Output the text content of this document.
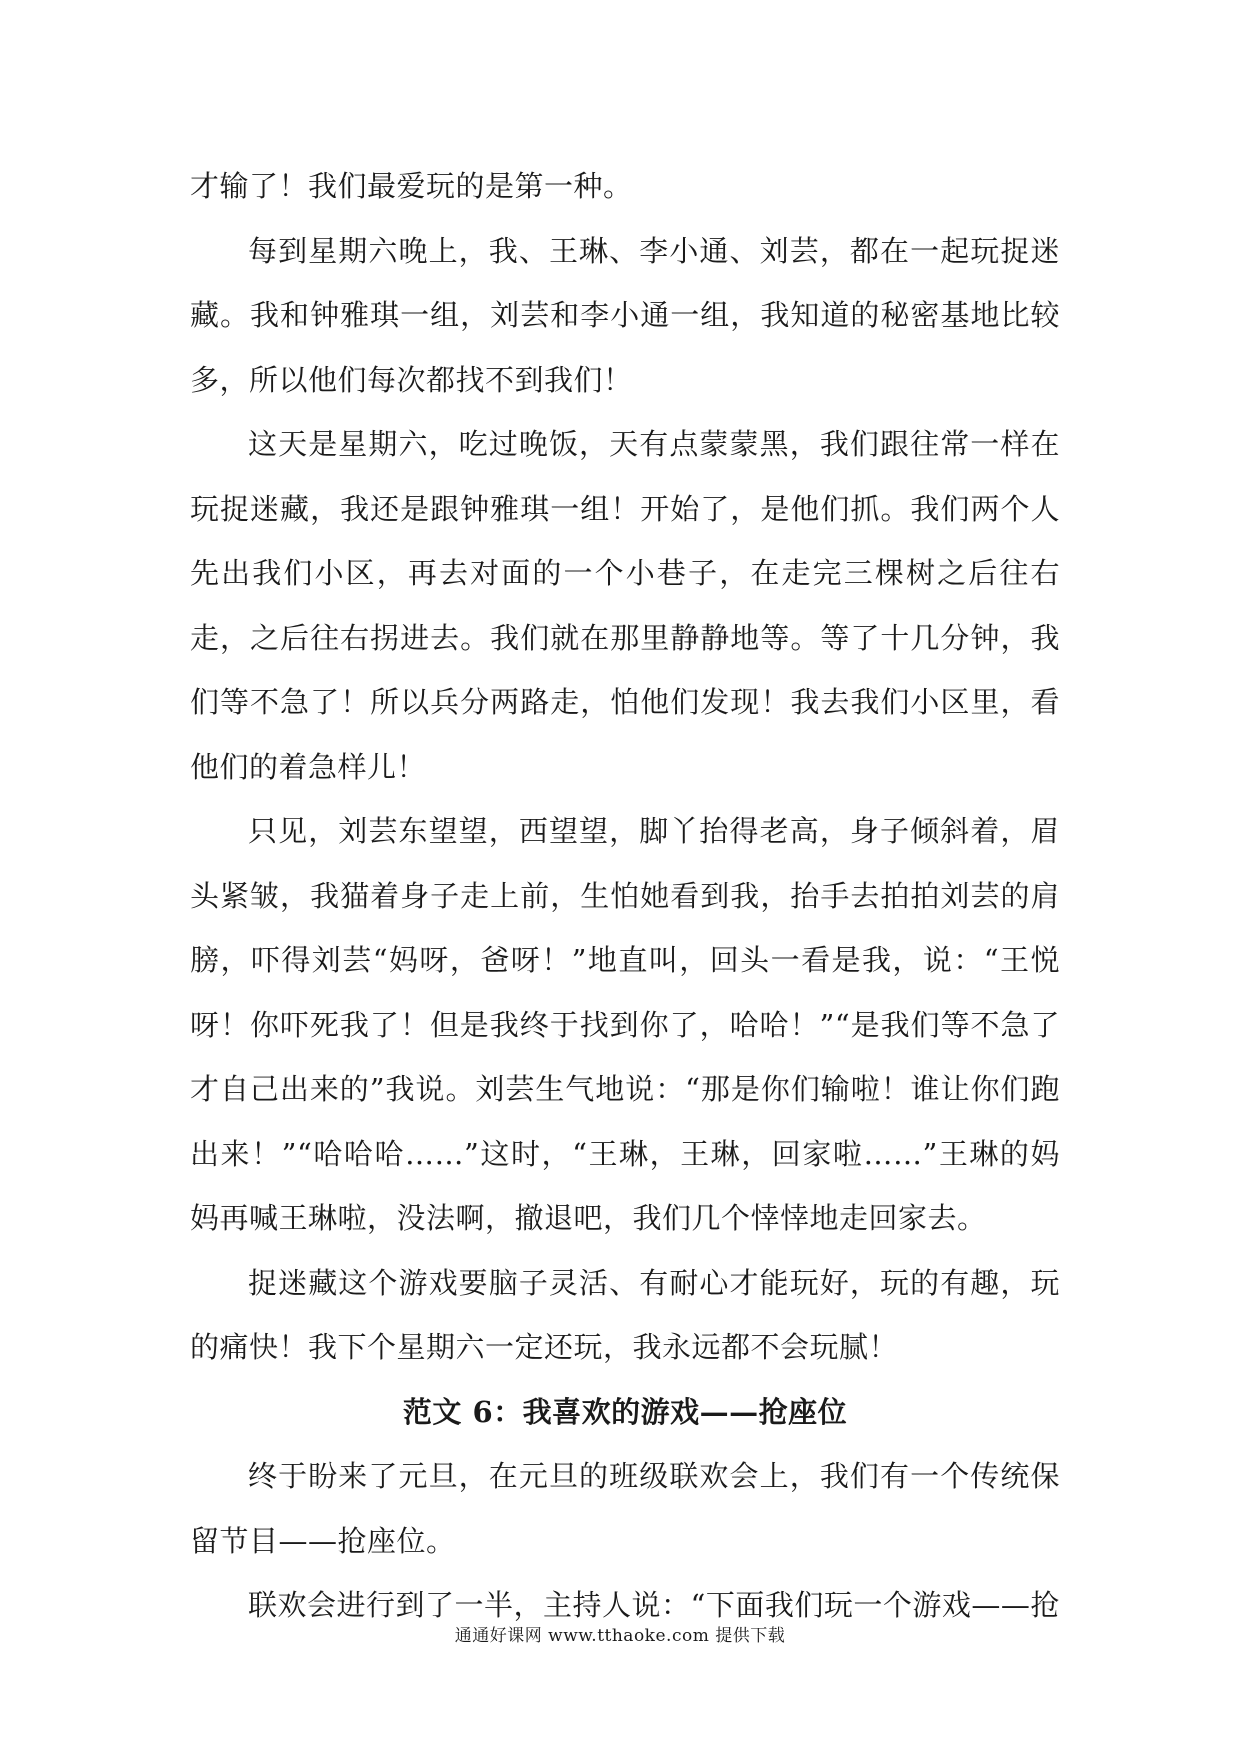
才输了！我们最爱玩的是第一种。

每到星期六晚上，我、王琳、李小通、刘芸，都在一起玩捉迷藏。我和钟雅琪一组，刘芸和李小通一组，我知道的秘密基地比较多，所以他们每次都找不到我们！

这天是星期六，吃过晚饭，天有点蒙蒙黑，我们跟往常一样在玩捉迷藏，我还是跟钟雅琪一组！开始了，是他们抓。我们两个人先出我们小区，再去对面的一个小巷子，在走完三棵树之后往右走，之后往右拐进去。我们就在那里静静地等。等了十几分钟，我们等不急了！所以兵分两路走，怕他们发现！我去我们小区里，看他们的着急样儿！

只见，刘芸东望望，西望望，脚丫抬得老高，身子倾斜着，眉头紧皱，我猫着身子走上前，生怕她看到我，抬手去拍拍刘芸的肩膀，吓得刘芸“妈呀，爸呀！”地直叫，回头一看是我，说：“王悦呀！你吓死我了！但是我终于找到你了，哈哈！”“是我们等不急了才自己出来的”我说。刘芸生气地说：“那是你们输啦！谁让你们跑出来！”“哈哈哈……”这时，“王琳，王琳，回家啦……”王琳的妈妈再喊王琳啦，没法啊，撤退吧，我们几个悻悻地走回家去。

捉迷藏这个游戏要脑子灵活、有耐心才能玩好，玩的有趣，玩的痛快！我下个星期六一定还玩，我永远都不会玩腻！

范文 6：我喜欢的游戏——抢座位

终于盼来了元旦，在元旦的班级联欢会上，我们有一个传统保留节目——抢座位。

联欢会进行到了一半，主持人说：“下面我们玩一个游戏——抢

通通好课网 www.tthaoke.com 提供下载
